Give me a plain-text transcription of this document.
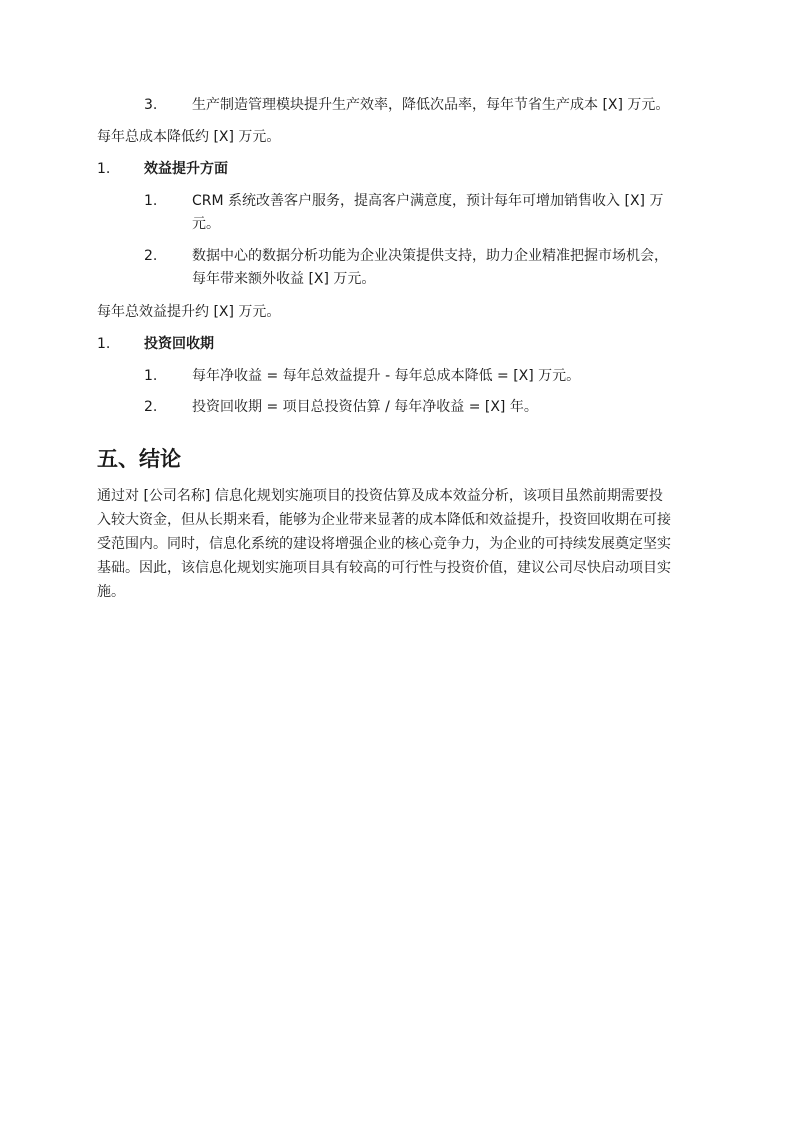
3. 生产制造管理模块提升生产效率，降低次品率，每年节省生产成本 [X] 万元。
每年总成本降低约 [X] 万元。
1. 效益提升方面
1. CRM 系统改善客户服务，提高客户满意度，预计每年可增加销售收入 [X] 万
元。
2. 数据中心的数据分析功能为企业决策提供支持，助力企业精准把握市场机会，
每年带来额外收益 [X] 万元。
每年总效益提升约 [X] 万元。
1. 投资回收期
1. 每年净收益 = 每年总效益提升 - 每年总成本降低 = [X] 万元。
2. 投资回收期 = 项目总投资估算 / 每年净收益 = [X] 年。
五、结论
通过对 [公司名称] 信息化规划实施项目的投资估算及成本效益分析，该项目虽然前期需要投
入较大资金，但从长期来看，能够为企业带来显著的成本降低和效益提升，投资回收期在可接
受范围内。同时，信息化系统的建设将增强企业的核心竞争力，为企业的可持续发展奠定坚实
基础。因此，该信息化规划实施项目具有较高的可行性与投资价值，建议公司尽快启动项目实
施。
